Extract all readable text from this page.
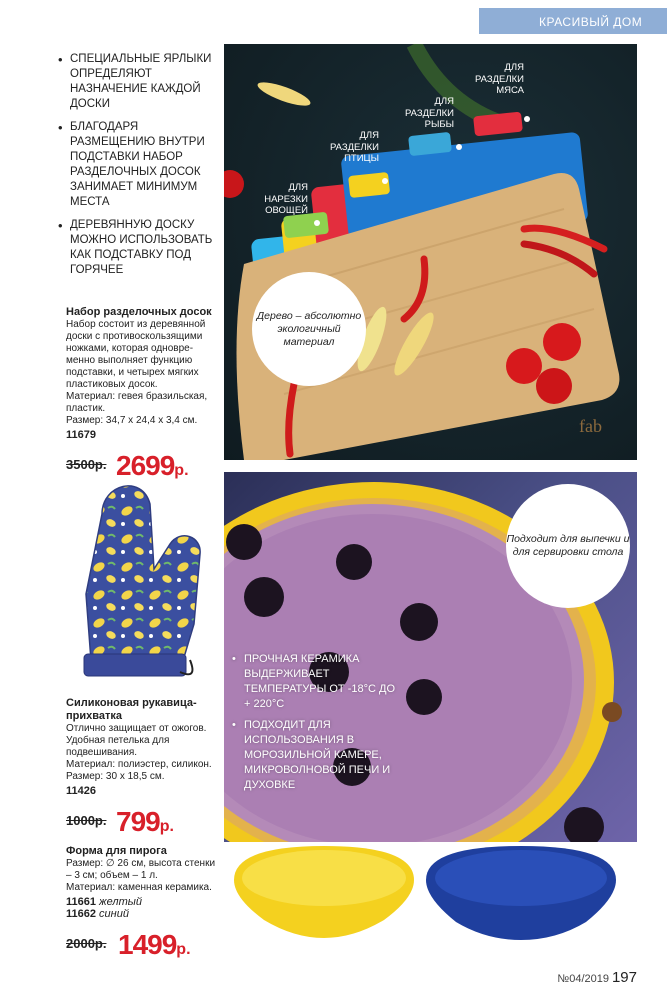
КРАСИВЫЙ ДОМ
• СПЕЦИАЛЬНЫЕ ЯРЛЫКИ ОПРЕДЕЛЯЮТ НАЗНАЧЕНИЕ КАЖДОЙ ДОСКИ
• БЛАГОДАРЯ РАЗМЕЩЕНИЮ ВНУТРИ ПОДСТАВКИ НАБОР РАЗДЕЛОЧНЫХ ДОСОК ЗАНИМАЕТ МИНИМУМ МЕСТА
• ДЕРЕВЯННУЮ ДОСКУ МОЖНО ИСПОЛЬЗОВАТЬ КАК ПОДСТАВКУ ПОД ГОРЯЧЕЕ
Набор разделочных досок
Набор состоит из деревянной доски с противоскользящими ножками, которая одновре-менно выполняет функцию подставки, и четырех мягких пластиковых досок.
Материал: гевея бразильская, пластик.
Размер: 34,7 х 24,4 х 3,4 см.
11679
3500р. 2699р.
Силиконовая рукавица-прихватка
Отлично защищает от ожогов. Удобная петелька для подвешивания.
Материал: полиэстер, силикон.
Размер: 30 х 18,5 см.
11426
1000р. 799р.
Форма для пирога
Размер: ∅ 26 см, высота стенки – 3 см; объем – 1 л.
Материал: каменная керамика.
11661 желтый
11662 синий
2000р. 1499р.
fab
ДЛЯ РАЗДЕЛКИ МЯСА
ДЛЯ РАЗДЕЛКИ РЫБЫ
ДЛЯ РАЗДЕЛКИ ПТИЦЫ
ДЛЯ НАРЕЗКИ ОВОЩЕЙ
Дерево – абсолютно экологичный материал
Подходит для выпечки и для сервировки стола
• ПРОЧНАЯ КЕРАМИКА ВЫДЕРЖИВАЕТ ТЕМПЕРАТУРЫ ОТ -18°С ДО + 220°С
• ПОДХОДИТ ДЛЯ ИСПОЛЬЗОВАНИЯ В МОРОЗИЛЬНОЙ КАМЕРЕ, МИКРОВОЛНОВОЙ ПЕЧИ И ДУХОВКЕ
№04/2019 197
